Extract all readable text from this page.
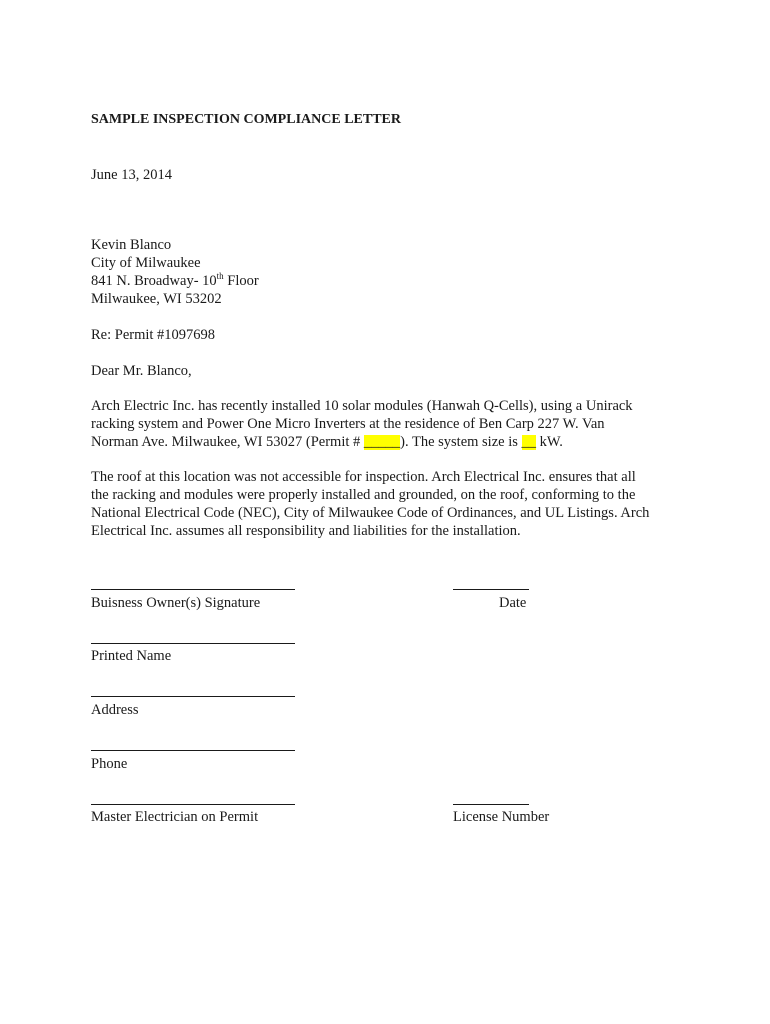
SAMPLE INSPECTION COMPLIANCE LETTER
June 13, 2014
Kevin Blanco
City of Milwaukee
841 N. Broadway- 10th Floor
Milwaukee, WI 53202
Re: Permit #1097698
Dear Mr. Blanco,
Arch Electric Inc. has recently installed 10 solar modules (Hanwah Q-Cells), using a Unirack
racking system and Power One Micro Inverters at the residence of Ben Carp 227 W. Van
Norman Ave. Milwaukee, WI 53027 (Permit # _____). The system size is __ kW.
The roof at this location was not accessible for inspection. Arch Electrical Inc. ensures that all
the racking and modules were properly installed and grounded, on the roof, conforming to the
National Electrical Code (NEC), City of Milwaukee Code of Ordinances, and UL Listings. Arch
Electrical Inc. assumes all responsibility and liabilities for the installation.
Buisness Owner(s) Signature	Date
Printed Name
Address
Phone
Master Electrician on Permit	License Number
